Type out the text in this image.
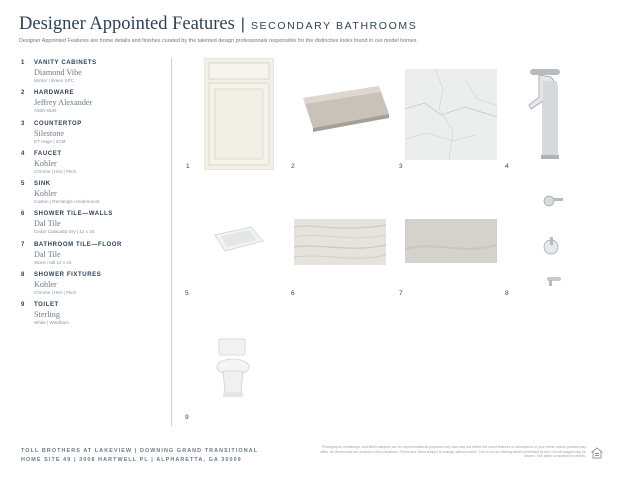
Designer Appointed Features | SECONDARY BATHROOMS
Designer Appointed Features are home details and finishes curated by the talented design professionals responsible for the distinctive looks found in our model homes.
1 VANITY CABINETS
Diamond Vibe
Winter | Breen SPC
2 HARDWARE
Jeffrey Alexander
A500-4530
3 COUNTERTOP
Silestone
ET Hage | 3CM
4 FAUCET
Kohler
Chrome | Hint | Pitch
5 SINK
Kohler
Caxton | Rectangle Undermount
6 SHOWER TILE—WALLS
Dal Tile
Cedar Calacatta Dry | 12 x 24
7 BATHROOM TILE—FLOOR
Dal Tile
Stone Hall 12 x 24
8 SHOWER FIXTURES
Kohler
Chrome | Hint | Pitch
9 TOILET
Sterling
White | Windham
1	2	3	4
5	6	7	8
9
TOLL BROTHERS AT LAKEVIEW | DOWNING GRAND TRANSITIONAL
HOME SITE 49 | 3008 HARTWELL PL | ALPHARETTA, GA 30009
Photographs, renderings, and finish samples are for representational purposes only and may not reflect the exact features or dimensions of your home; actual product may differ. All dimensions are subject to field variations. Prices and offers subject to change without notice. This is not an offering where prohibited by law. Not all images may be shown. See sales consultant for details.
